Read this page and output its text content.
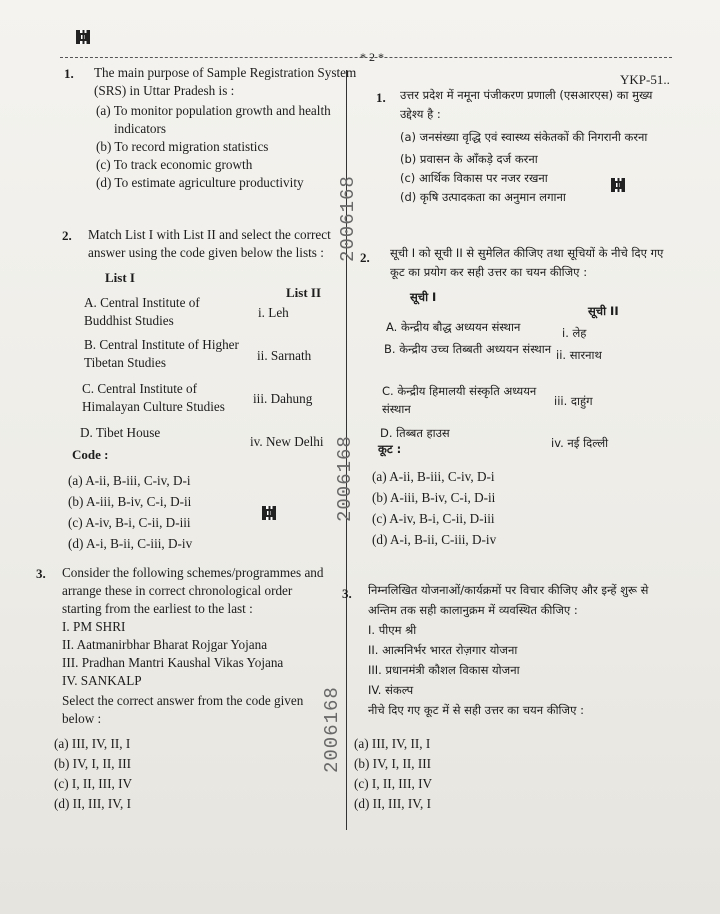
* 2 *
YKP-51..
2006168
2006168
2006168
1. The main purpose of Sample Registration System (SRS) in Uttar Pradesh is :

(a) To monitor population growth and health indicators

(b) To record migration statistics

(c) To track economic growth

(d) To estimate agriculture productivity

1. उत्तर प्रदेश में नमूना पंजीकरण प्रणाली (एसआरएस) का मुख्य उद्देश्य है :

(a) जनसंख्या वृद्धि एवं स्वास्थ्य संकेतकों की निगरानी करना

(b) प्रवासन के आँकड़े दर्ज करना

(c) आर्थिक विकास पर नजर रखना

(d) कृषि उत्पादकता का अनुमान लगाना

2. Match List I with List II and select the correct answer using the code given below the lists :
List I
List II
A. Central Institute of Buddhist Studies
B. Central Institute of Higher Tibetan Studies
C. Central Institute of Himalayan Culture Studies
D. Tibet House
i. Leh
ii. Sarnath
iii. Dahung
iv. New Delhi
Code :

(a) A-ii, B-iii, C-iv, D-i

(b) A-iii, B-iv, C-i, D-ii

(c) A-iv, B-i, C-ii, D-iii

(d) A-i, B-ii, C-iii, D-iv

2. सूची I को सूची II से सुमेलित कीजिए तथा सूचियों के नीचे दिए गए कूट का प्रयोग कर सही उत्तर का चयन कीजिए :
सूची I
सूची II
A. केन्द्रीय बौद्ध अध्ययन संस्थान
B. केन्द्रीय उच्च तिब्बती अध्ययन संस्थान
C. केन्द्रीय हिमालयी संस्कृति अध्ययन संस्थान
D. तिब्बत हाउस
i. लेह
ii. सारनाथ
iii. दाहुंग
iv. नई दिल्ली
कूट :

(a) A-ii, B-iii, C-iv, D-i

(b) A-iii, B-iv, C-i, D-ii

(c) A-iv, B-i, C-ii, D-iii

(d) A-i, B-ii, C-iii, D-iv

3. Consider the following schemes/programmes and arrange these in correct chronological order starting from the earliest to the last :

I. PM SHRI

II. Aatmanirbhar Bharat Rojgar Yojana

III. Pradhan Mantri Kaushal Vikas Yojana

IV. SANKALP

Select the correct answer from the code given below :

(a) III, IV, II, I

(b) IV, I, II, III

(c) I, II, III, IV

(d) II, III, IV, I

3. निम्नलिखित योजनाओं/कार्यक्रमों पर विचार कीजिए और इन्हें शुरू से अन्तिम तक सही कालानुक्रम में व्यवस्थित कीजिए :

I. पीएम श्री

II. आत्मनिर्भर भारत रोज़गार योजना

III. प्रधानमंत्री कौशल विकास योजना

IV. संकल्प

नीचे दिए गए कूट में से सही उत्तर का चयन कीजिए :

(a) III, IV, II, I

(b) IV, I, II, III

(c) I, II, III, IV

(d) II, III, IV, I
